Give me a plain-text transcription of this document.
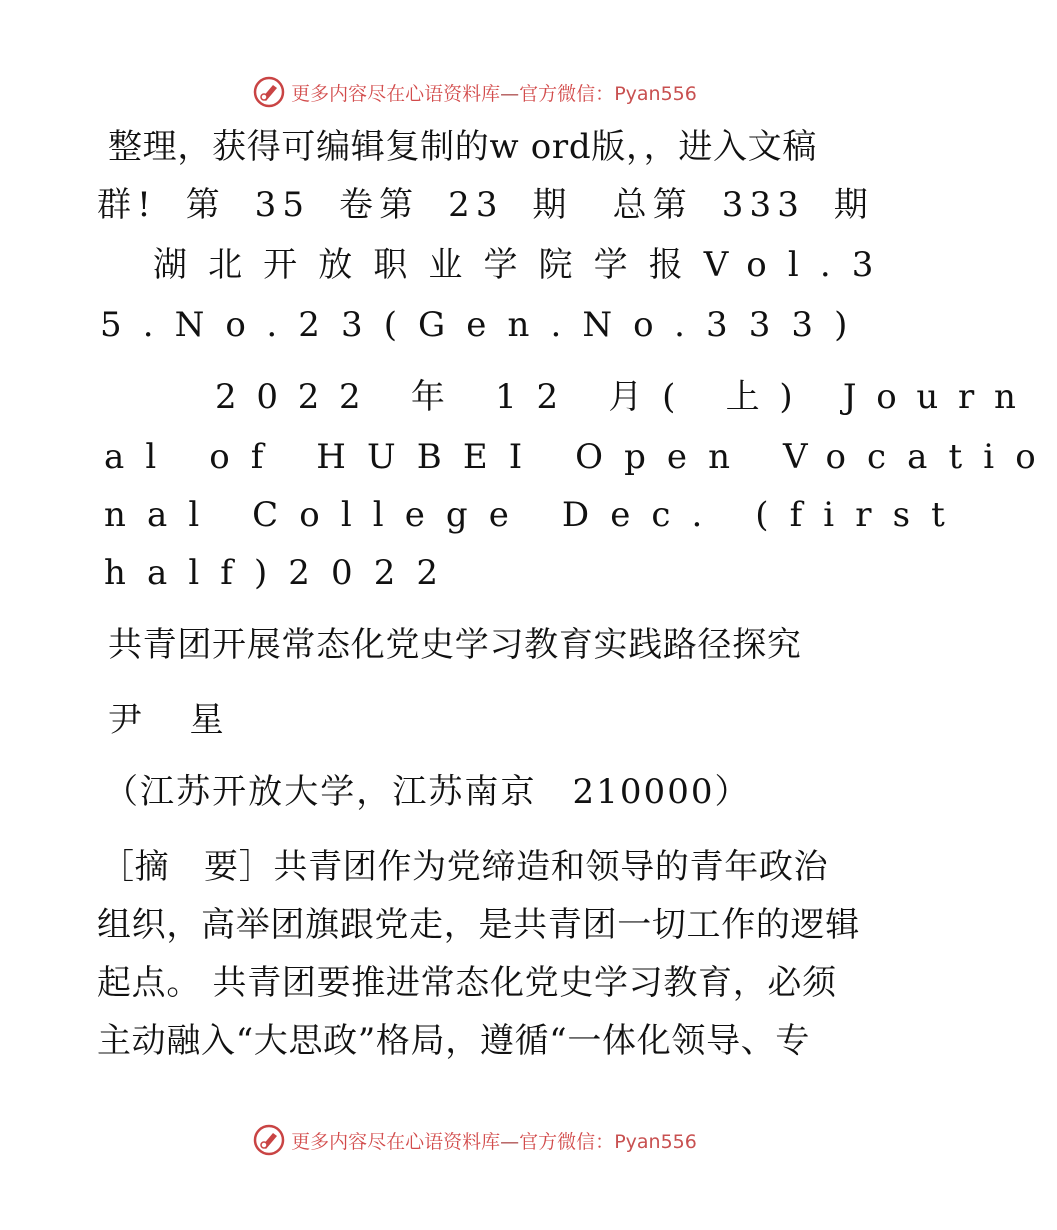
更多内容尽在心语资料库—官方微信：Pyan556
整理，获得可编辑复制的w ord版，，进入文稿
群! 第 35 卷第 23 期　总第 333 期
湖北开放职业学院学报Vol.3
5.No.23(Gen.No.333)
2022 年 12 月( 上) Journ
al of HUBEI Open Vocatio
nal College Dec. (first
half)2022
共青团开展常态化党史学习教育实践路径探究
尹　星
（江苏开放大学，江苏南京　210000）
［摘　要］共青团作为党缔造和领导的青年政治
组织，高举团旗跟党走，是共青团一切工作的逻辑
起点。 共青团要推进常态化党史学习教育，必须
主动融入“大思政”格局，遵循“一体化领导、专
更多内容尽在心语资料库—官方微信：Pyan556
